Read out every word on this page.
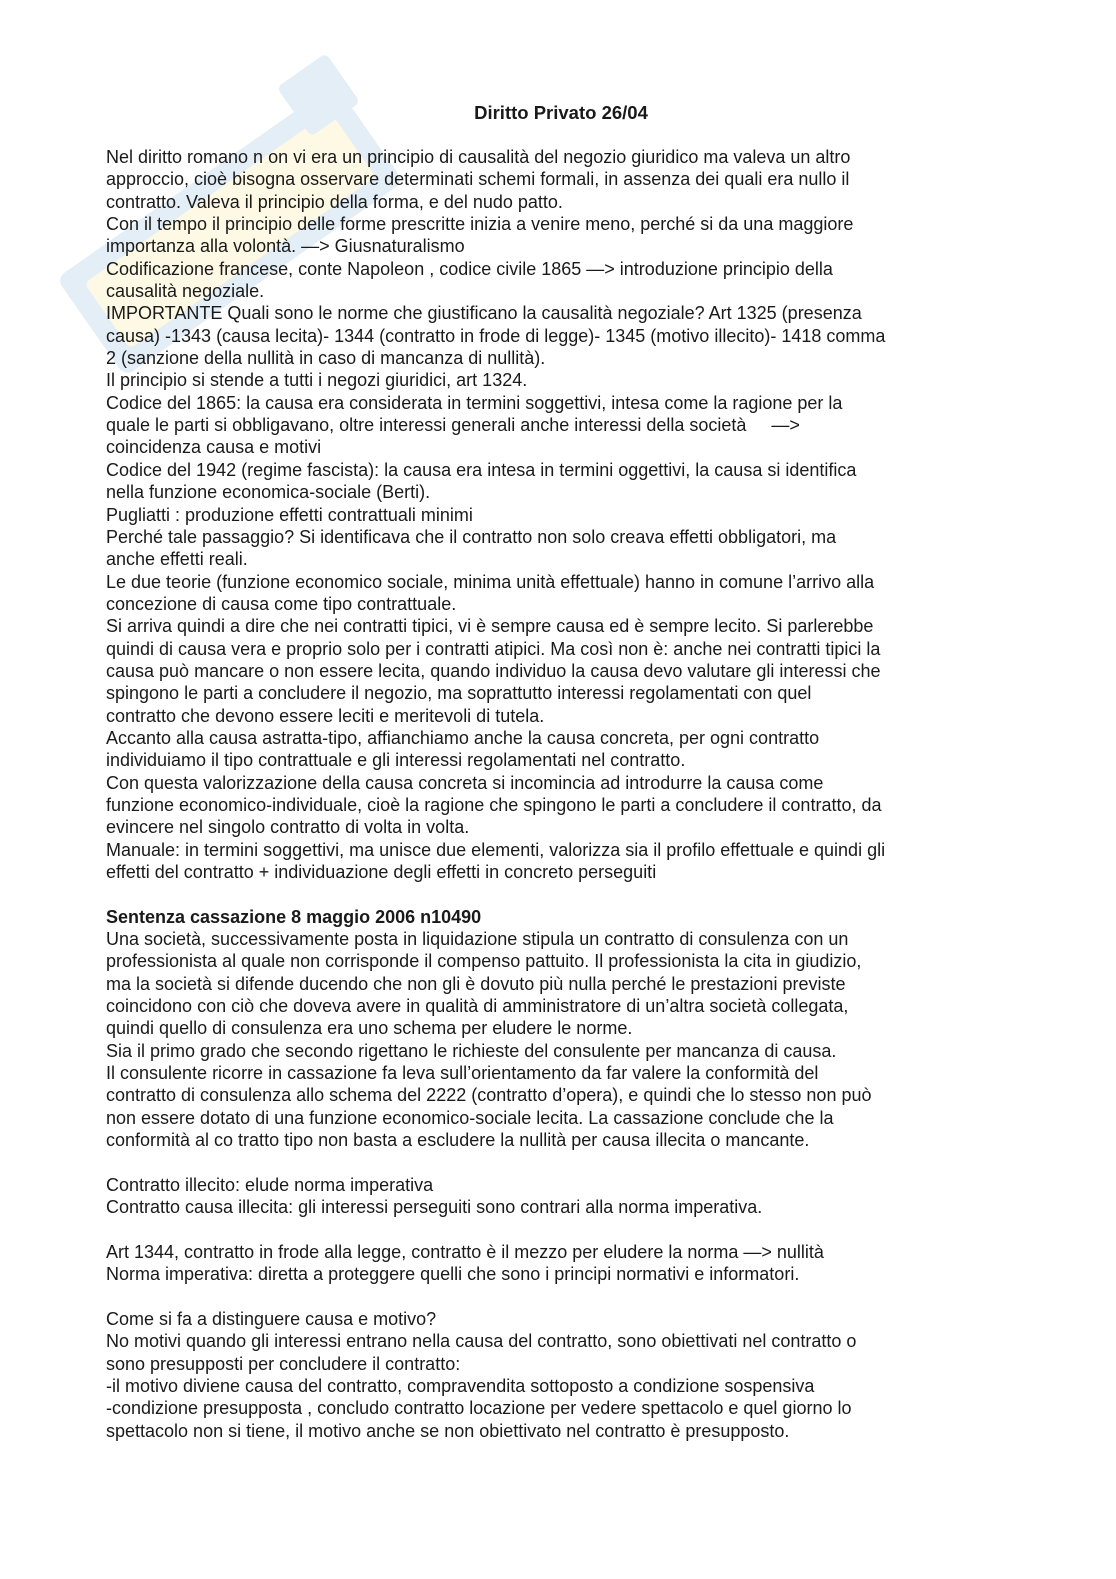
Diritto Privato 26/04

Nel diritto romano n on vi era un principio di causalità del negozio giuridico ma valeva un altro

approccio, cioè bisogna osservare determinati schemi formali, in assenza dei quali era nullo il

contratto. Valeva il principio della forma, e del nudo patto.

Con il tempo il principio delle forme prescritte inizia a venire meno, perché si da una maggiore

importanza alla volontà. —> Giusnaturalismo

Codificazione francese, conte Napoleon , codice civile 1865 —> introduzione principio della

causalità negoziale.

IMPORTANTE Quali sono le norme che giustificano la causalità negoziale? Art 1325 (presenza

causa) -1343 (causa lecita)- 1344 (contratto in frode di legge)- 1345 (motivo illecito)- 1418 comma

2 (sanzione della nullità in caso di mancanza di nullità).

Il principio si stende a tutti i negozi giuridici, art 1324.

Codice del 1865: la causa era considerata in termini soggettivi, intesa come la ragione per la

quale le parti si obbligavano, oltre interessi generali anche interessi della società     —>

coincidenza causa e motivi

Codice del 1942 (regime fascista): la causa era intesa in termini oggettivi, la causa si identifica

nella funzione economica-sociale (Berti).

Pugliatti : produzione effetti contrattuali minimi

Perché tale passaggio? Si identificava che il contratto non solo creava effetti obbligatori, ma

anche effetti reali.

Le due teorie (funzione economico sociale, minima unità effettuale) hanno in comune l’arrivo alla

concezione di causa come tipo contrattuale.

Si arriva quindi a dire che nei contratti tipici, vi è sempre causa ed è sempre lecito. Si parlerebbe

quindi di causa vera e proprio solo per i contratti atipici. Ma così non è: anche nei contratti tipici la

causa può mancare o non essere lecita, quando individuo la causa devo valutare gli interessi che

spingono le parti a concludere il negozio, ma soprattutto interessi regolamentati con quel

contratto che devono essere leciti e meritevoli di tutela.

Accanto alla causa astratta-tipo, affianchiamo anche la causa concreta, per ogni contratto

individuiamo il tipo contrattuale e gli interessi regolamentati nel contratto.

Con questa valorizzazione della causa concreta si incomincia ad introdurre la causa come

funzione economico-individuale, cioè la ragione che spingono le parti a concludere il contratto, da

evincere nel singolo contratto di volta in volta.

Manuale: in termini soggettivi, ma unisce due elementi, valorizza sia il profilo effettuale e quindi gli

effetti del contratto + individuazione degli effetti in concreto perseguiti

Sentenza cassazione 8 maggio 2006 n10490

Una società, successivamente posta in liquidazione stipula un contratto di consulenza con un

professionista al quale non corrisponde il compenso pattuito. Il professionista la cita in giudizio,

ma la società si difende ducendo che non gli è dovuto più nulla perché le prestazioni previste

coincidono con ciò che doveva avere in qualità di amministratore di un’altra società collegata,

quindi quello di consulenza era uno schema per eludere le norme.

Sia il primo grado che secondo rigettano le richieste del consulente per mancanza di causa.

Il consulente ricorre in cassazione fa leva sull’orientamento da far valere la conformità del

contratto di consulenza allo schema del 2222 (contratto d’opera), e quindi che lo stesso non può

non essere dotato di una funzione economico-sociale lecita. La cassazione conclude che la

conformità al co tratto tipo non basta a escludere la nullità per causa illecita o mancante.

Contratto illecito: elude norma imperativa

Contratto causa illecita: gli interessi perseguiti sono contrari alla norma imperativa.

Art 1344, contratto in frode alla legge, contratto è il mezzo per eludere la norma —> nullità

Norma imperativa: diretta a proteggere quelli che sono i principi normativi e informatori.

Come si fa a distinguere causa e motivo?

No motivi quando gli interessi entrano nella causa del contratto, sono obiettivati nel contratto o

sono presupposti per concludere il contratto:

-il motivo diviene causa del contratto, compravendita sottoposto a condizione sospensiva

-condizione presupposta , concludo contratto locazione per vedere spettacolo e quel giorno lo

spettacolo non si tiene, il motivo anche se non obiettivato nel contratto è presupposto.
